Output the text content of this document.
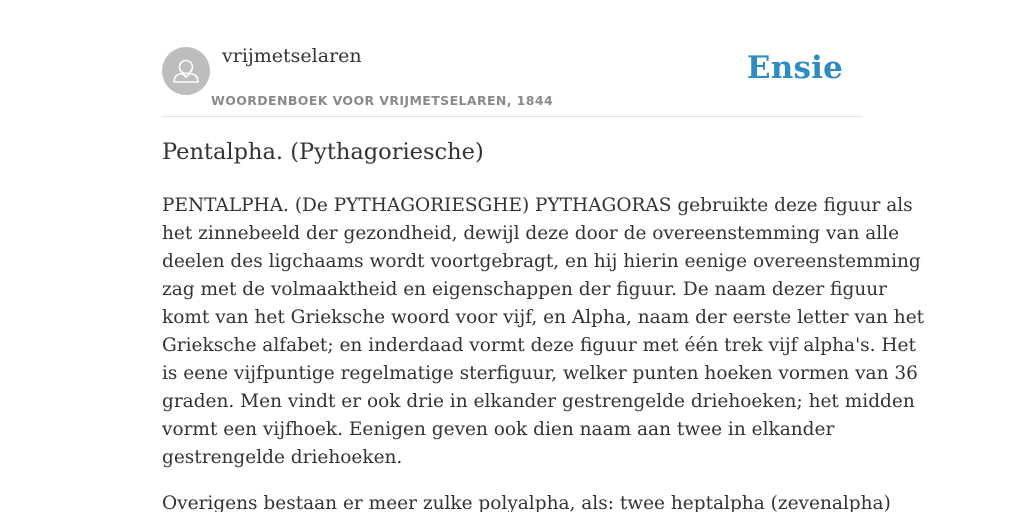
vrijmetselaren
WOORDENBOEK VOOR VRIJMETSELAREN, 1844
Ensie
Pentalpha. (Pythagoriesche)

PENTALPHA. (De PYTHAGORIESGHE) PYTHAGORAS gebruikte deze figuur als
het zinnebeeld der gezondheid, dewijl deze door de overeenstemming van alle
deelen des ligchaams wordt voortgebragt, en hij hierin eenige overeenstemming
zag met de volmaaktheid en eigenschappen der figuur. De naam dezer figuur
komt van het Grieksche woord voor vijf, en Alpha, naam der eerste letter van het
Grieksche alfabet; en inderdaad vormt deze figuur met één trek vijf alpha's. Het
is eene vijfpuntige regelmatige sterfiguur, welker punten hoeken vormen van 36
graden. Men vindt er ook drie in elkander gestrengelde driehoeken; het midden
vormt een vijfhoek. Eenigen geven ook dien naam aan twee in elkander
gestrengelde driehoeken.

Overigens bestaan er meer zulke polyalpha, als: twee heptalpha (zevenalpha)
